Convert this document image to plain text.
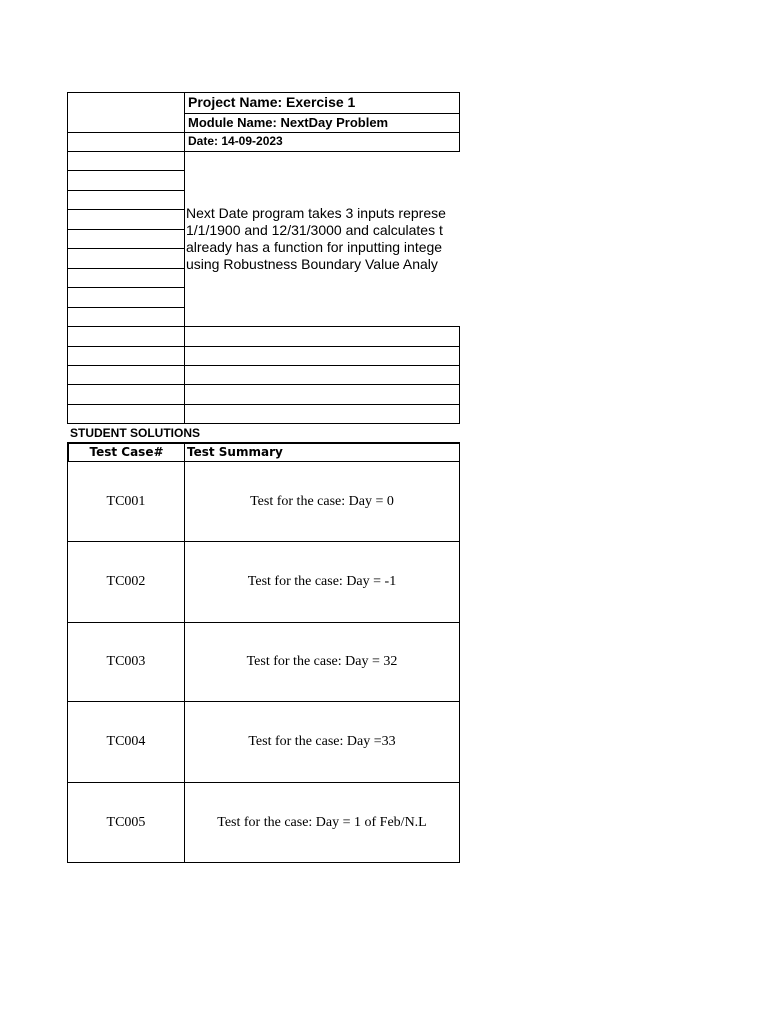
Project Name: Exercise 1
Module Name: NextDay Problem
Date: 14-09-2023
Next Date program takes 3 inputs represe
1/1/1900 and 12/31/3000 and calculates t
already has a function for inputting intege
using Robustness Boundary Value Analy
STUDENT SOLUTIONS
Test Case#	Test Summary
TC001	Test for the case: Day = 0
TC002	Test for the case: Day = -1
TC003	Test for the case: Day = 32
TC004	Test for the case: Day =33
TC005	Test for the case: Day = 1 of Feb/N.L
